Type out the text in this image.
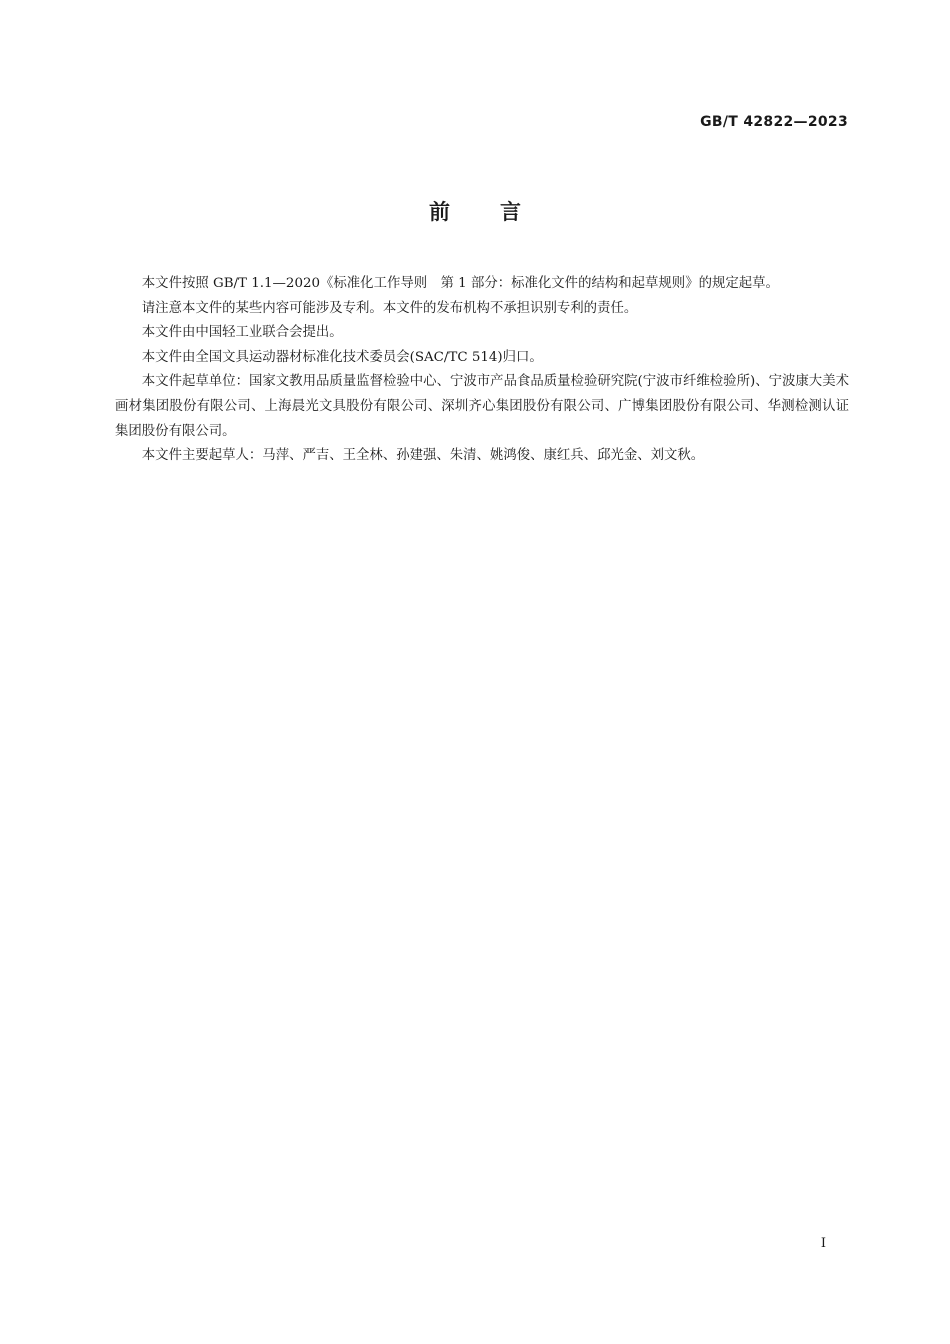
GB/T 42822—2023
前言

本文件按照 GB/T 1.1—2020《标准化工作导则　第 1 部分：标准化文件的结构和起草规则》的规定起草。

请注意本文件的某些内容可能涉及专利。本文件的发布机构不承担识别专利的责任。

本文件由中国轻工业联合会提出。

本文件由全国文具运动器材标准化技术委员会(SAC/TC 514)归口。

本文件起草单位：国家文教用品质量监督检验中心、宁波市产品食品质量检验研究院(宁波市纤维检验所)、宁波康大美术画材集团股份有限公司、上海晨光文具股份有限公司、深圳齐心集团股份有限公司、广博集团股份有限公司、华测检测认证集团股份有限公司。

本文件主要起草人：马萍、严吉、王全林、孙建强、朱清、姚鸿俊、康红兵、邱光金、刘文秋。

I
